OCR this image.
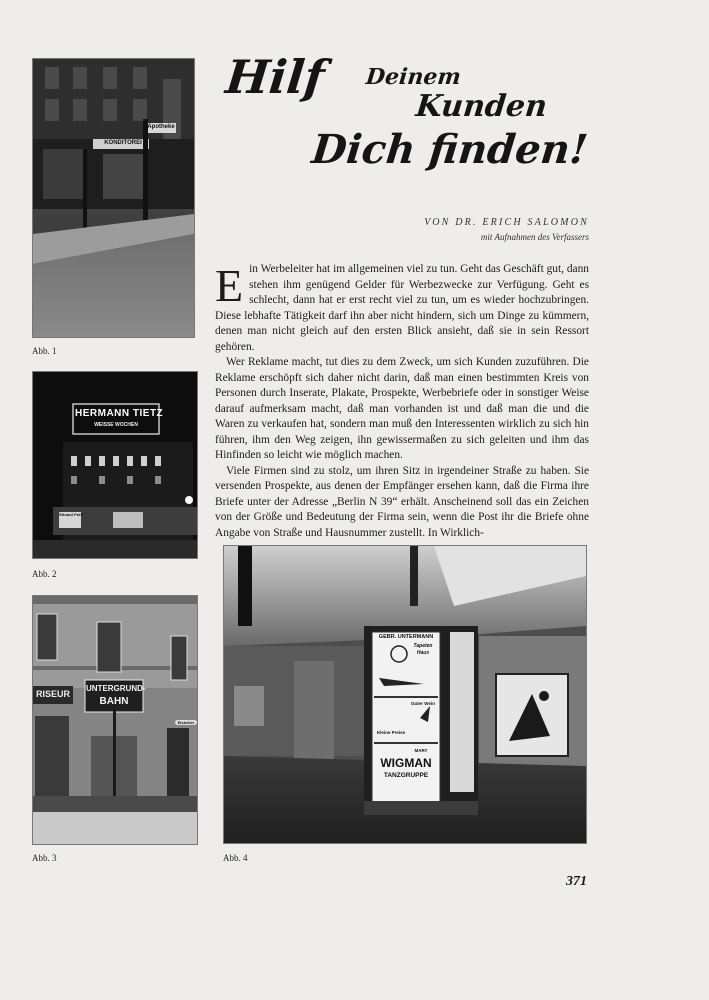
KONDITOREI
Apotheke
Abb. 1
HERMANN TIETZ
WEISSE WOCHEN
Eduard Pohl
Abb. 2
RISEUR
UNTERGRUND-
BAHN
Eiskeller
Abb. 3
Hilf Deinem
Kunden
Dich finden!
VON DR. ERICH SALOMON
mit Aufnahmen des Verfassers

Ein Werbeleiter hat im allgemeinen viel zu tun. Geht das Geschäft gut, dann stehen ihm genügend Gelder für Werbezwecke zur Verfügung. Geht es schlecht, dann hat er erst recht viel zu tun, um es wieder hochzubringen. Diese lebhafte Tätigkeit darf ihn aber nicht hindern, sich um Dinge zu kümmern, denen man nicht gleich auf den ersten Blick ansieht, daß sie in sein Ressort gehören.

Wer Reklame macht, tut dies zu dem Zweck, um sich Kunden zuzuführen. Die Reklame erschöpft sich daher nicht darin, daß man einen bestimmten Kreis von Personen durch Inserate, Plakate, Prospekte, Werbebriefe oder in sonstiger Weise darauf aufmerksam macht, daß man vorhanden ist und daß man die und die Waren zu verkaufen hat, sondern man muß den Interessenten wirklich zu sich hin führen, ihm den Weg zeigen, ihn gewissermaßen zu sich geleiten und ihm das Hinfinden so leicht wie möglich machen.

Viele Firmen sind zu stolz, um ihren Sitz in irgendeiner Straße zu haben. Sie versenden Prospekte, aus denen der Empfänger ersehen kann, daß die Firma ihre Briefe unter der Adresse „Berlin N 39“ erhält. Anscheinend soll das ein Zeichen von der Größe und Bedeutung der Firma sein, wenn die Post ihr die Briefe ohne Angabe von Straße und Hausnummer zustellt. In Wirklich-

GEBR. UNTERMANN
Tapeten
Haus
Guter Wein
Kleine Preise
MARY
WIGMAN
TANZGRUPPE
Abb. 4
371
